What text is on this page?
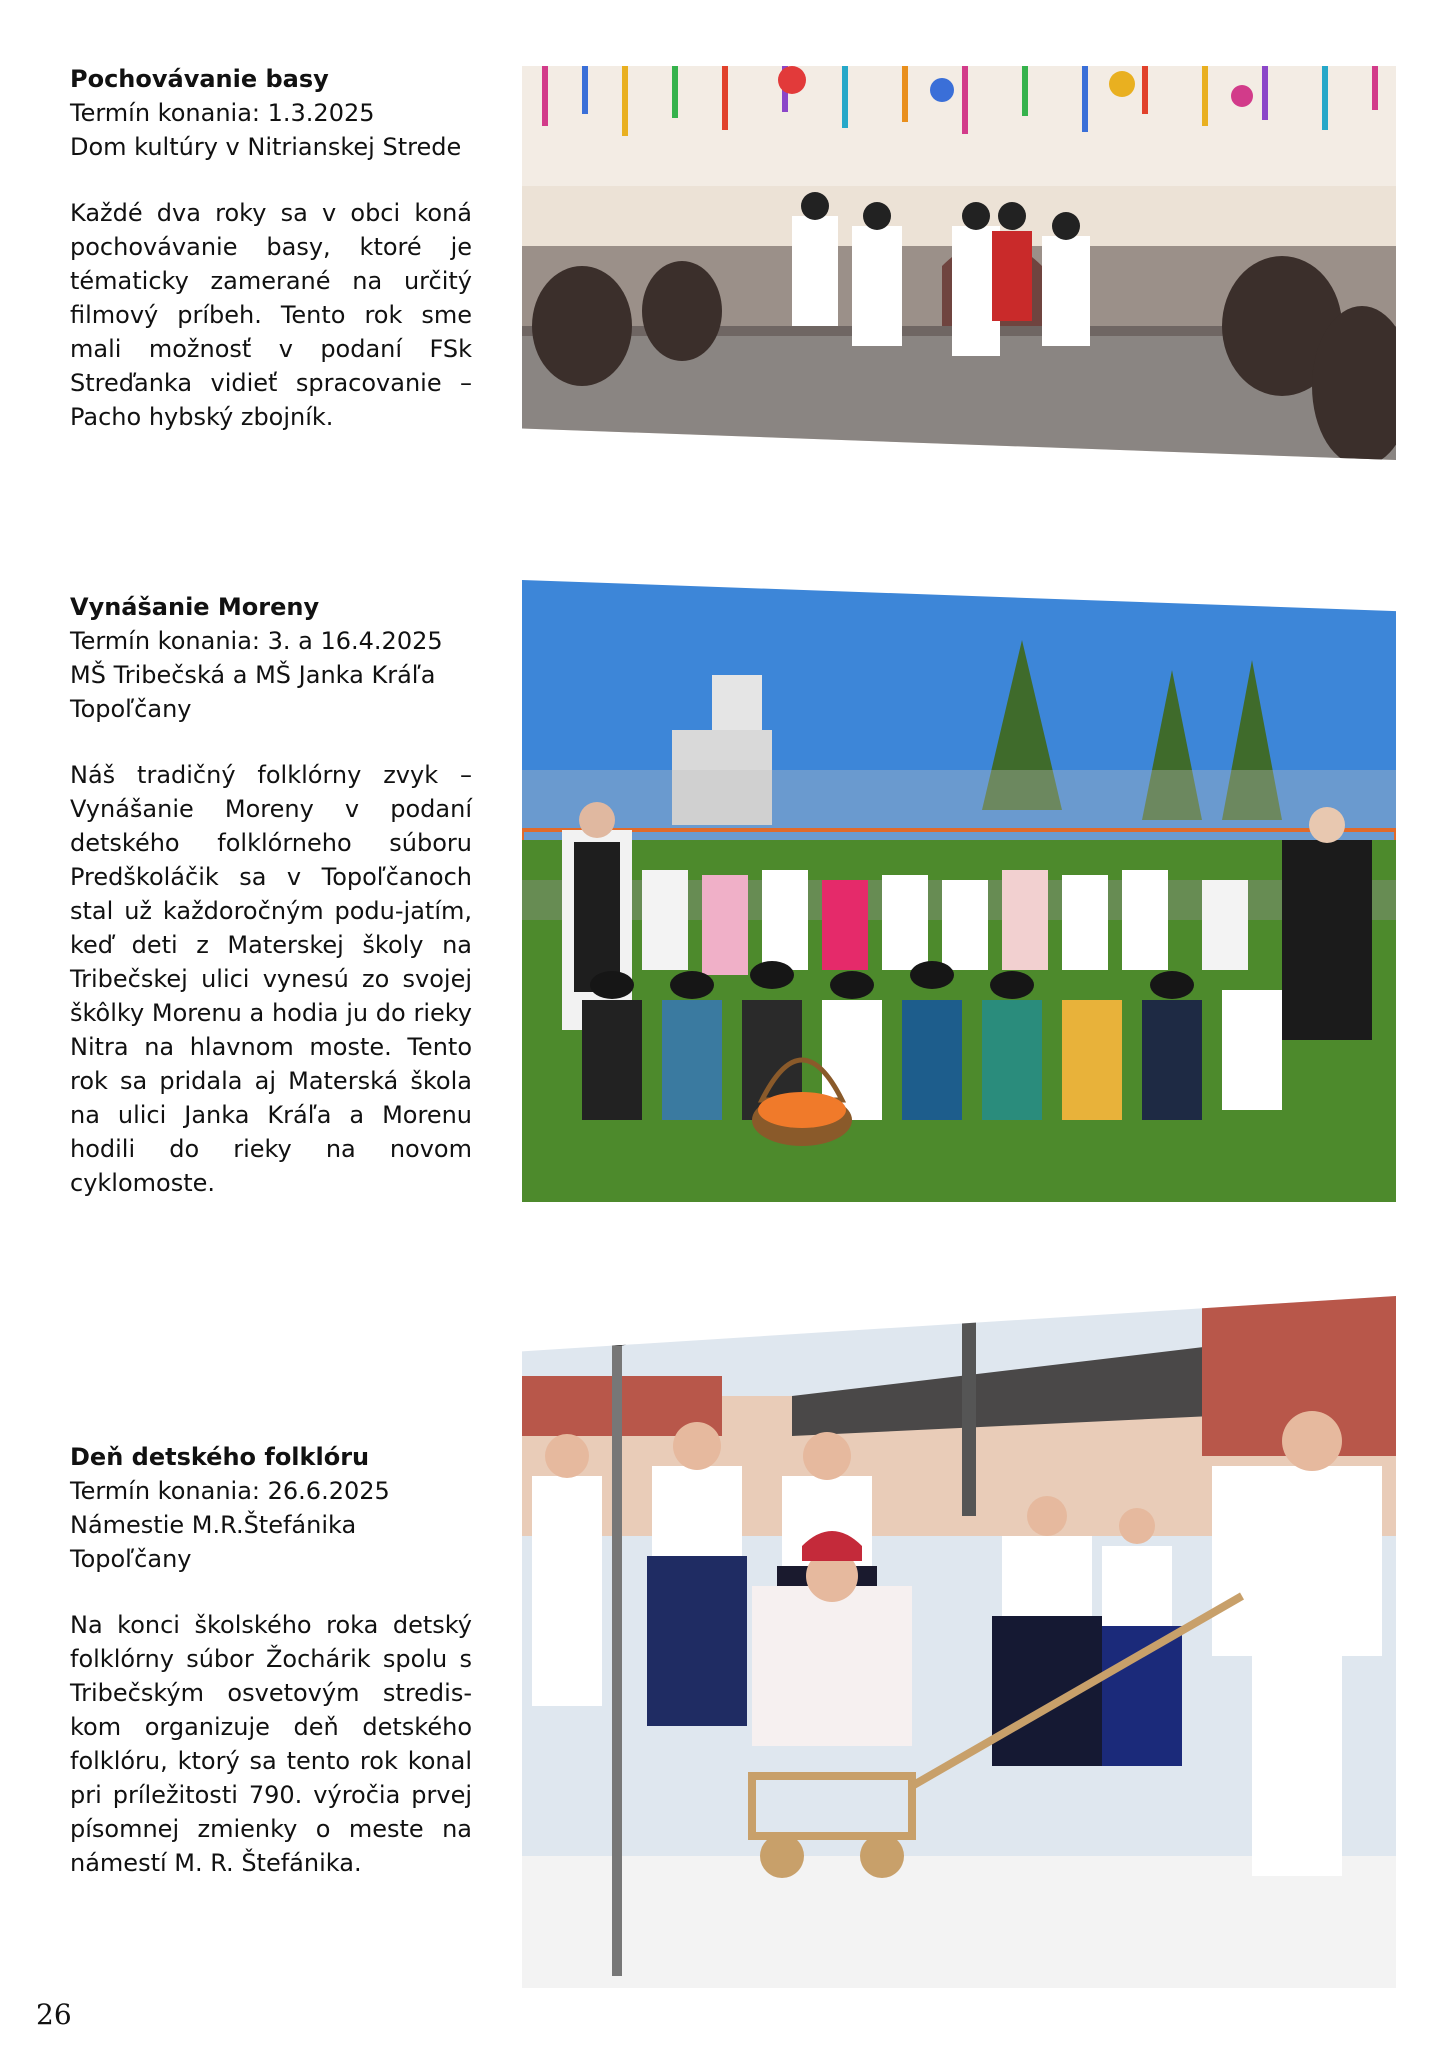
Pochovávanie basy
Termín konania: 1.3.2025
Dom kultúry v Nitrianskej Strede

Každé dva roky sa v obci koná pochovávanie basy, ktoré je tématicky zamerané na určitý filmový príbeh. Tento rok sme mali možnosť v podaní FSk Streďanka vidieť spracovanie – Pacho hybský zbojník.

Vynášanie Moreny
Termín konania: 3. a 16.4.2025
MŠ Tribečská a MŠ Janka Kráľa
Topoľčany

Náš tradičný folklórny zvyk – Vynášanie Moreny v podaní detského folklórneho súboru Predškoláčik sa v Topoľčanoch stal už každoročným podu-jatím, keď deti z Materskej školy na Tribečskej ulici vynesú zo svojej škôlky Morenu a hodia ju do rieky Nitra na hlavnom moste. Tento rok sa pridala aj Materská škola na ulici Janka Kráľa a Morenu hodili do rieky na novom cyklomoste.

Deň detského folklóru
Termín konania: 26.6.2025
Námestie M.R.Štefánika
Topoľčany

Na konci školského roka detský folklórny súbor Žochárik spolu s Tribečským osvetovým stredis-kom organizuje deň detského folklóru, ktorý sa tento rok konal pri príležitosti 790. výročia prvej písomnej zmienky o meste na námestí M. R. Štefánika.

26
